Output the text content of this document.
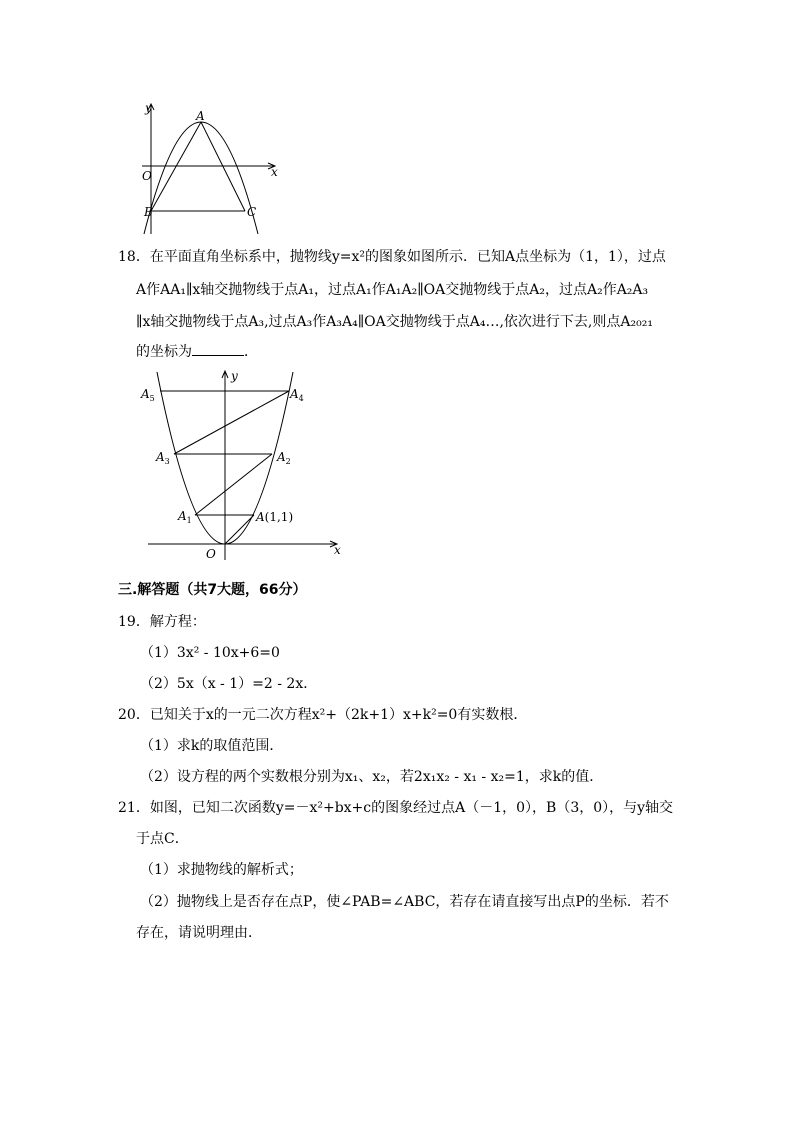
y
x
O
A
B	C
18．在平面直角坐标系中，抛物线y=x²的图象如图所示．已知A点坐标为（1，1），过点
A作AA₁∥x轴交抛物线于点A₁，过点A₁作A₁A₂∥OA交抛物线于点A₂，过点A₂作A₂A₃
∥x轴交抛物线于点A₃,过点A₃作A₃A₄∥OA交抛物线于点A₄…,依次进行下去,则点A₂₀₂₁
的坐标为	．
y
x
O
$A_5$	$A_4$
$A_3$	$A_2$
$A_1$	A(1,1)
三.解答题（共7大题，66分）
19．解方程：
（1）3x² - 10x+6=0
（2）5x（x - 1）=2 - 2x．
20．已知关于x的一元二次方程x²+（2k+1）x+k²=0有实数根．
（1）求k的取值范围．
（2）设方程的两个实数根分别为x₁、x₂，若2x₁x₂ - x₁ - x₂=1，求k的值．
21．如图，已知二次函数y=－x²+bx+c的图象经过点A（－1，0），B（3，0），与y轴交
于点C．
（1）求抛物线的解析式；
（2）抛物线上是否存在点P，使∠PAB=∠ABC，若存在请直接写出点P的坐标．若不
存在，请说明理由．
